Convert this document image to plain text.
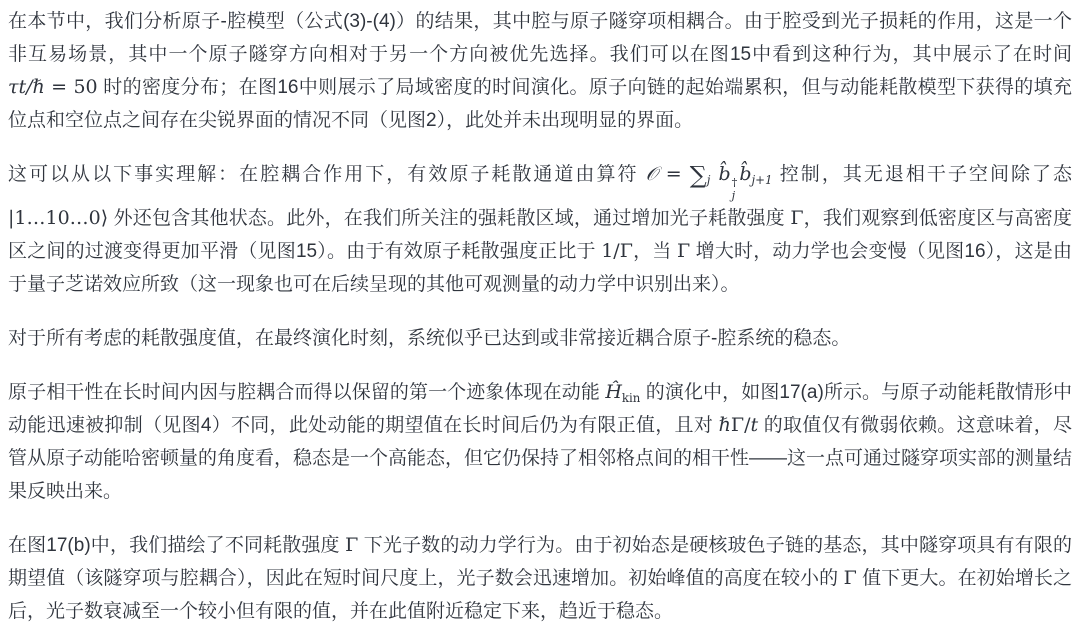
在本节中，我们分析原子-腔模型（公式(3)-(4)）的结果，其中腔与原子隧穿项相耦合。由于腔受到光子损耗的作用，这是一个非互易场景，其中一个原子隧穿方向相对于另一个方向被优先选择。我们可以在图15中看到这种行为，其中展示了在时间 τt/ℏ = 50 时的密度分布；在图16中则展示了局域密度的时间演化。原子向链的起始端累积，但与动能耗散模型下获得的填充位点和空位点之间存在尖锐界面的情况不同（见图2），此处并未出现明显的界面。

这可以从以下事实理解：在腔耦合作用下，有效原子耗散通道由算符 𝒪 = $\sum_j$ b̂ †
j
$b̂_{j+1}$ 控制，其无退相干子空间除了态 |1…10…0⟩ 外还包含其他状态。此外，在我们所关注的强耗散区域，通过增加光子耗散强度 Γ，我们观察到低密度区与高密度区之间的过渡变得更加平滑（见图15）。由于有效原子耗散强度正比于 1/Γ，当 Γ 增大时，动力学也会变慢（见图16），这是由于量子芝诺效应所致（这一现象也可在后续呈现的其他可观测量的动力学中识别出来）。

对于所有考虑的耗散强度值，在最终演化时刻，系统似乎已达到或非常接近耦合原子-腔系统的稳态。

原子相干性在长时间内因与腔耦合而得以保留的第一个迹象体现在动能 $Ĥ_{kin}$ 的演化中，如图17(a)所示。与原子动能耗散情形中动能迅速被抑制（见图4）不同，此处动能的期望值在长时间后仍为有限正值，且对 ℏΓ/t 的取值仅有微弱依赖。这意味着，尽管从原子动能哈密顿量的角度看，稳态是一个高能态，但它仍保持了相邻格点间的相干性——这一点可通过隧穿项实部的测量结果反映出来。

在图17(b)中，我们描绘了不同耗散强度 Γ 下光子数的动力学行为。由于初始态是硬核玻色子链的基态，其中隧穿项具有有限的期望值（该隧穿项与腔耦合），因此在短时间尺度上，光子数会迅速增加。初始峰值的高度在较小的 Γ 值下更大。在初始增长之后，光子数衰减至一个较小但有限的值，并在此值附近稳定下来，趋近于稳态。
